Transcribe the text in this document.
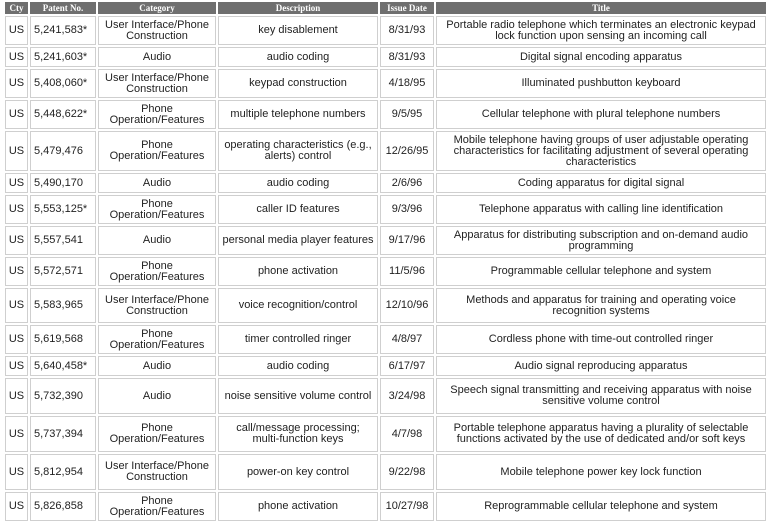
Cty	Patent No.	Category	Description	Issue Date	Title
US	5,241,583*	User Interface/Phone Construction	key disablement	8/31/93	Portable radio telephone which terminates an electronic keypad lock function upon sensing an incoming call
US	5,241,603*	Audio	audio coding	8/31/93	Digital signal encoding apparatus
US	5,408,060*	User Interface/Phone Construction	keypad construction	4/18/95	Illuminated pushbutton keyboard
US	5,448,622*	Phone Operation/Features	multiple telephone numbers	9/5/95	Cellular telephone with plural telephone numbers
US	5,479,476	Phone Operation/Features	operating characteristics (e.g., alerts) control	12/26/95	Mobile telephone having groups of user adjustable operating characteristics for facilitating adjustment of several operating characteristics
US	5,490,170	Audio	audio coding	2/6/96	Coding apparatus for digital signal
US	5,553,125*	Phone Operation/Features	caller ID features	9/3/96	Telephone apparatus with calling line identification
US	5,557,541	Audio	personal media player features	9/17/96	Apparatus for distributing subscription and on-demand audio programming
US	5,572,571	Phone Operation/Features	phone activation	11/5/96	Programmable cellular telephone and system
US	5,583,965	User Interface/Phone Construction	voice recognition/control	12/10/96	Methods and apparatus for training and operating voice recognition systems
US	5,619,568	Phone Operation/Features	timer controlled ringer	4/8/97	Cordless phone with time-out controlled ringer
US	5,640,458*	Audio	audio coding	6/17/97	Audio signal reproducing apparatus
US	5,732,390	Audio	noise sensitive volume control	3/24/98	Speech signal transmitting and receiving apparatus with noise sensitive volume control
US	5,737,394	Phone Operation/Features	call/message processing; multi-function keys	4/7/98	Portable telephone apparatus having a plurality of selectable functions activated by the use of dedicated and/or soft keys
US	5,812,954	User Interface/Phone Construction	power-on key control	9/22/98	Mobile telephone power key lock function
US	5,826,858	Phone Operation/Features	phone activation	10/27/98	Reprogrammable cellular telephone and system
